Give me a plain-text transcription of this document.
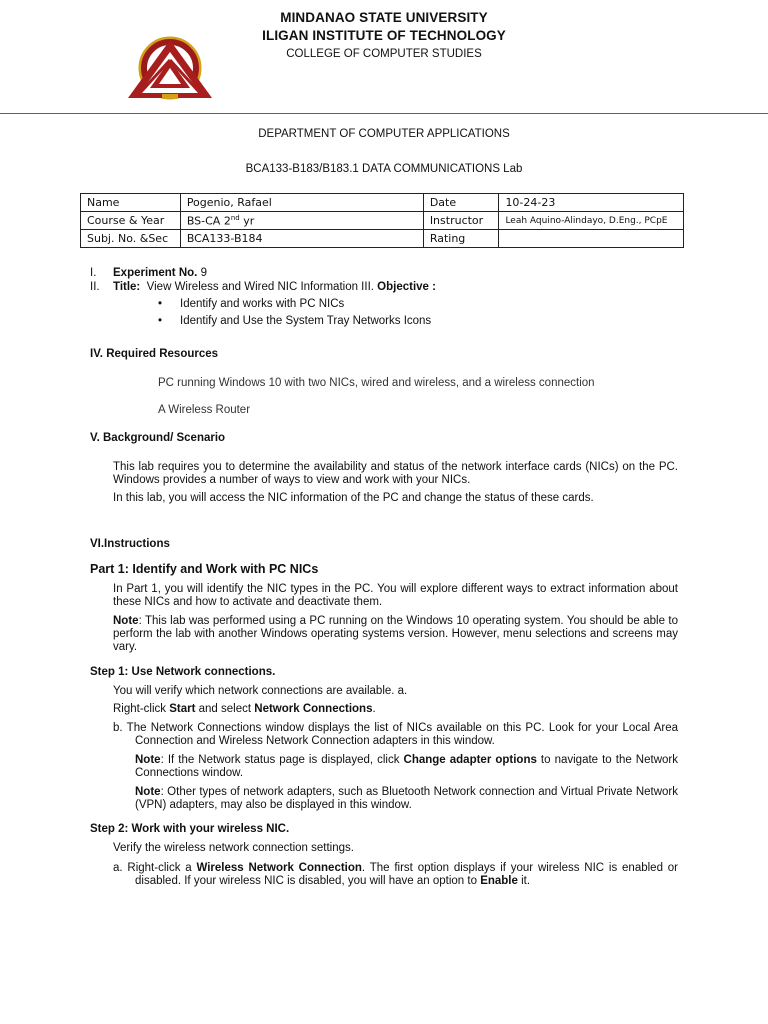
MINDANAO STATE UNIVERSITY
ILIGAN INSTITUTE OF TECHNOLOGY
COLLEGE OF COMPUTER STUDIES
DEPARTMENT OF COMPUTER APPLICATIONS
BCA133-B183/B183.1 DATA COMMUNICATIONS Lab
Name	Pogenio, Rafael	Date	10-24-23
Course & Year	BS-CA 2nd yr	Instructor	Leah Aquino-Alindayo, D.Eng., PCpE
Subj. No. &Sec	BCA133-B184	Rating	
I. Experiment No. 9
II. Title: View Wireless and Wired NIC Information III. Objective :
• Identify and works with PC NICs
• Identify and Use the System Tray Networks Icons
IV. Required Resources
PC running Windows 10 with two NICs, wired and wireless, and a wireless connection
A Wireless Router
V. Background/ Scenario
This lab requires you to determine the availability and status of the network interface cards (NICs) on the PC. Windows provides a number of ways to view and work with your NICs.
In this lab, you will access the NIC information of the PC and change the status of these cards.
VI.Instructions
Part 1: Identify and Work with PC NICs
In Part 1, you will identify the NIC types in the PC. You will explore different ways to extract information about these NICs and how to activate and deactivate them.
Note: This lab was performed using a PC running on the Windows 10 operating system. You should be able to perform the lab with another Windows operating systems version. However, menu selections and screens may vary.
Step 1: Use Network connections.
You will verify which network connections are available. a.
Right-click Start and select Network Connections.
b. The Network Connections window displays the list of NICs available on this PC. Look for your Local Area Connection and Wireless Network Connection adapters in this window.
Note: If the Network status page is displayed, click Change adapter options to navigate to the Network Connections window.
Note: Other types of network adapters, such as Bluetooth Network connection and Virtual Private Network (VPN) adapters, may also be displayed in this window.
Step 2: Work with your wireless NIC.
Verify the wireless network connection settings.
a. Right-click a Wireless Network Connection. The first option displays if your wireless NIC is enabled or disabled. If your wireless NIC is disabled, you will have an option to Enable it.
